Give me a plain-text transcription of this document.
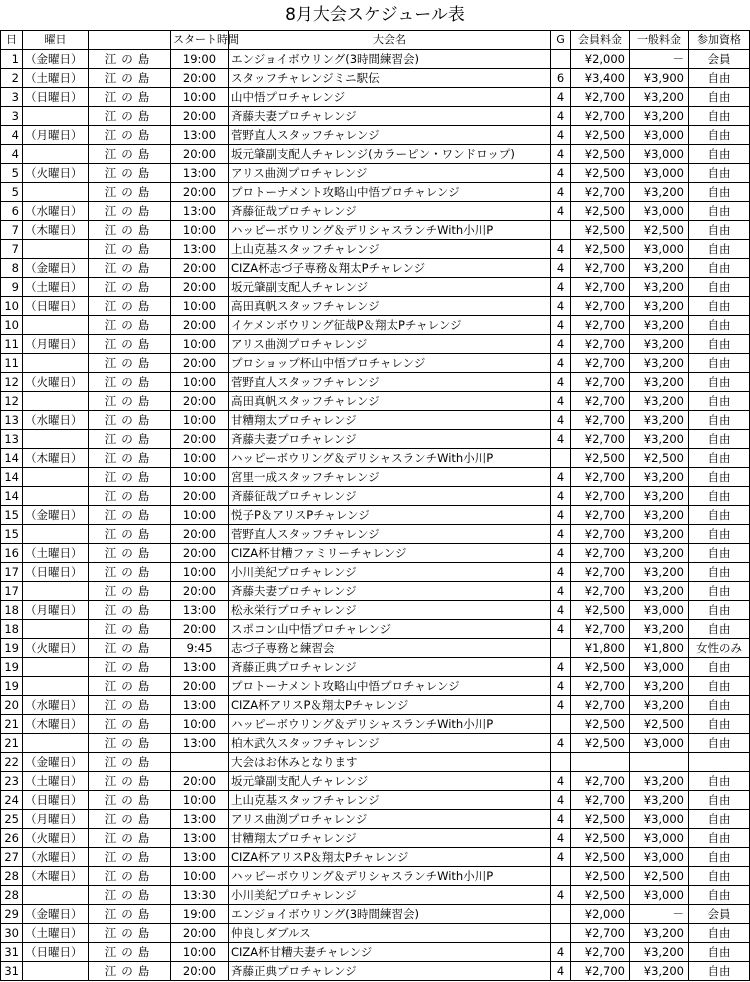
8月大会スケジュール表
日	曜日		スタート時間	大会名	G	会員料金	一般料金	参加資格
1	（金曜日）	江の島	19:00	エンジョイボウリング(3時間練習会)		¥2,000	－	会員
2	（土曜日）	江の島	20:00	スタッフチャレンジミニ駅伝	6	¥3,400	¥3,900	自由
3	（日曜日）	江の島	10:00	山中悟プロチャレンジ	4	¥2,700	¥3,200	自由
3		江の島	20:00	斉藤夫妻プロチャレンジ	4	¥2,700	¥3,200	自由
4	（月曜日）	江の島	13:00	菅野直人スタッフチャレンジ	4	¥2,500	¥3,000	自由
4		江の島	20:00	坂元肇副支配人チャレンジ(カラーピン・ワンドロップ)	4	¥2,500	¥3,000	自由
5	（火曜日）	江の島	13:00	アリス曲渕プロチャレンジ	4	¥2,500	¥3,000	自由
5		江の島	20:00	プロトーナメント攻略山中悟プロチャレンジ	4	¥2,700	¥3,200	自由
6	（水曜日）	江の島	13:00	斉藤征哉プロチャレンジ	4	¥2,500	¥3,000	自由
7	（木曜日）	江の島	10:00	ハッピーボウリング＆デリシャスランチWith小川P		¥2,500	¥2,500	自由
7		江の島	13:00	上山克基スタッフチャレンジ	4	¥2,500	¥3,000	自由
8	（金曜日）	江の島	20:00	CIZA杯志づ子専務＆翔太Pチャレンジ	4	¥2,700	¥3,200	自由
9	（土曜日）	江の島	20:00	坂元肇副支配人チャレンジ	4	¥2,700	¥3,200	自由
10	（日曜日）	江の島	10:00	高田真帆スタッフチャレンジ	4	¥2,700	¥3,200	自由
10		江の島	20:00	イケメンボウリング征哉P＆翔太Pチャレンジ	4	¥2,700	¥3,200	自由
11	（月曜日）	江の島	10:00	アリス曲渕プロチャレンジ	4	¥2,700	¥3,200	自由
11		江の島	20:00	プロショップ杯山中悟プロチャレンジ	4	¥2,700	¥3,200	自由
12	（火曜日）	江の島	10:00	菅野直人スタッフチャレンジ	4	¥2,700	¥3,200	自由
12		江の島	20:00	高田真帆スタッフチャレンジ	4	¥2,700	¥3,200	自由
13	（水曜日）	江の島	10:00	甘糟翔太プロチャレンジ	4	¥2,700	¥3,200	自由
13		江の島	20:00	斉藤夫妻プロチャレンジ	4	¥2,700	¥3,200	自由
14	（木曜日）	江の島	10:00	ハッピーボウリング＆デリシャスランチWith小川P		¥2,500	¥2,500	自由
14		江の島	10:00	宮里一成スタッフチャレンジ	4	¥2,700	¥3,200	自由
14		江の島	20:00	斉藤征哉プロチャレンジ	4	¥2,700	¥3,200	自由
15	（金曜日）	江の島	10:00	悦子P＆アリスPチャレンジ	4	¥2,700	¥3,200	自由
15		江の島	20:00	菅野直人スタッフチャレンジ	4	¥2,700	¥3,200	自由
16	（土曜日）	江の島	20:00	CIZA杯甘糟ファミリーチャレンジ	4	¥2,700	¥3,200	自由
17	（日曜日）	江の島	10:00	小川美紀プロチャレンジ	4	¥2,700	¥3,200	自由
17		江の島	20:00	斉藤夫妻プロチャレンジ	4	¥2,700	¥3,200	自由
18	（月曜日）	江の島	13:00	松永栄行プロチャレンジ	4	¥2,500	¥3,000	自由
18		江の島	20:00	スポコン山中悟プロチャレンジ	4	¥2,700	¥3,200	自由
19	（火曜日）	江の島	9:45	志づ子専務と練習会		¥1,800	¥1,800	女性のみ
19		江の島	13:00	斉藤正典プロチャレンジ	4	¥2,500	¥3,000	自由
19		江の島	20:00	プロトーナメント攻略山中悟プロチャレンジ	4	¥2,700	¥3,200	自由
20	（水曜日）	江の島	13:00	CIZA杯アリスP＆翔太Pチャレンジ	4	¥2,700	¥3,200	自由
21	（木曜日）	江の島	10:00	ハッピーボウリング＆デリシャスランチWith小川P		¥2,500	¥2,500	自由
21		江の島	13:00	柏木武久スタッフチャレンジ	4	¥2,500	¥3,000	自由
22	（金曜日）	江の島		大会はお休みとなります				
23	（土曜日）	江の島	20:00	坂元肇副支配人チャレンジ	4	¥2,700	¥3,200	自由
24	（日曜日）	江の島	10:00	上山克基スタッフチャレンジ	4	¥2,700	¥3,200	自由
25	（月曜日）	江の島	13:00	アリス曲渕プロチャレンジ	4	¥2,500	¥3,000	自由
26	（火曜日）	江の島	13:00	甘糟翔太プロチャレンジ	4	¥2,500	¥3,000	自由
27	（水曜日）	江の島	13:00	CIZA杯アリスP＆翔太Pチャレンジ	4	¥2,500	¥3,000	自由
28	（木曜日）	江の島	10:00	ハッピーボウリング＆デリシャスランチWith小川P		¥2,500	¥2,500	自由
28		江の島	13:30	小川美紀プロチャレンジ	4	¥2,500	¥3,000	自由
29	（金曜日）	江の島	19:00	エンジョイボウリング(3時間練習会)		¥2,000	－	会員
30	（土曜日）	江の島	20:00	仲良しダブルス		¥2,700	¥3,200	自由
31	（日曜日）	江の島	10:00	CIZA杯甘糟夫妻チャレンジ	4	¥2,700	¥3,200	自由
31		江の島	20:00	斉藤正典プロチャレンジ	4	¥2,700	¥3,200	自由
